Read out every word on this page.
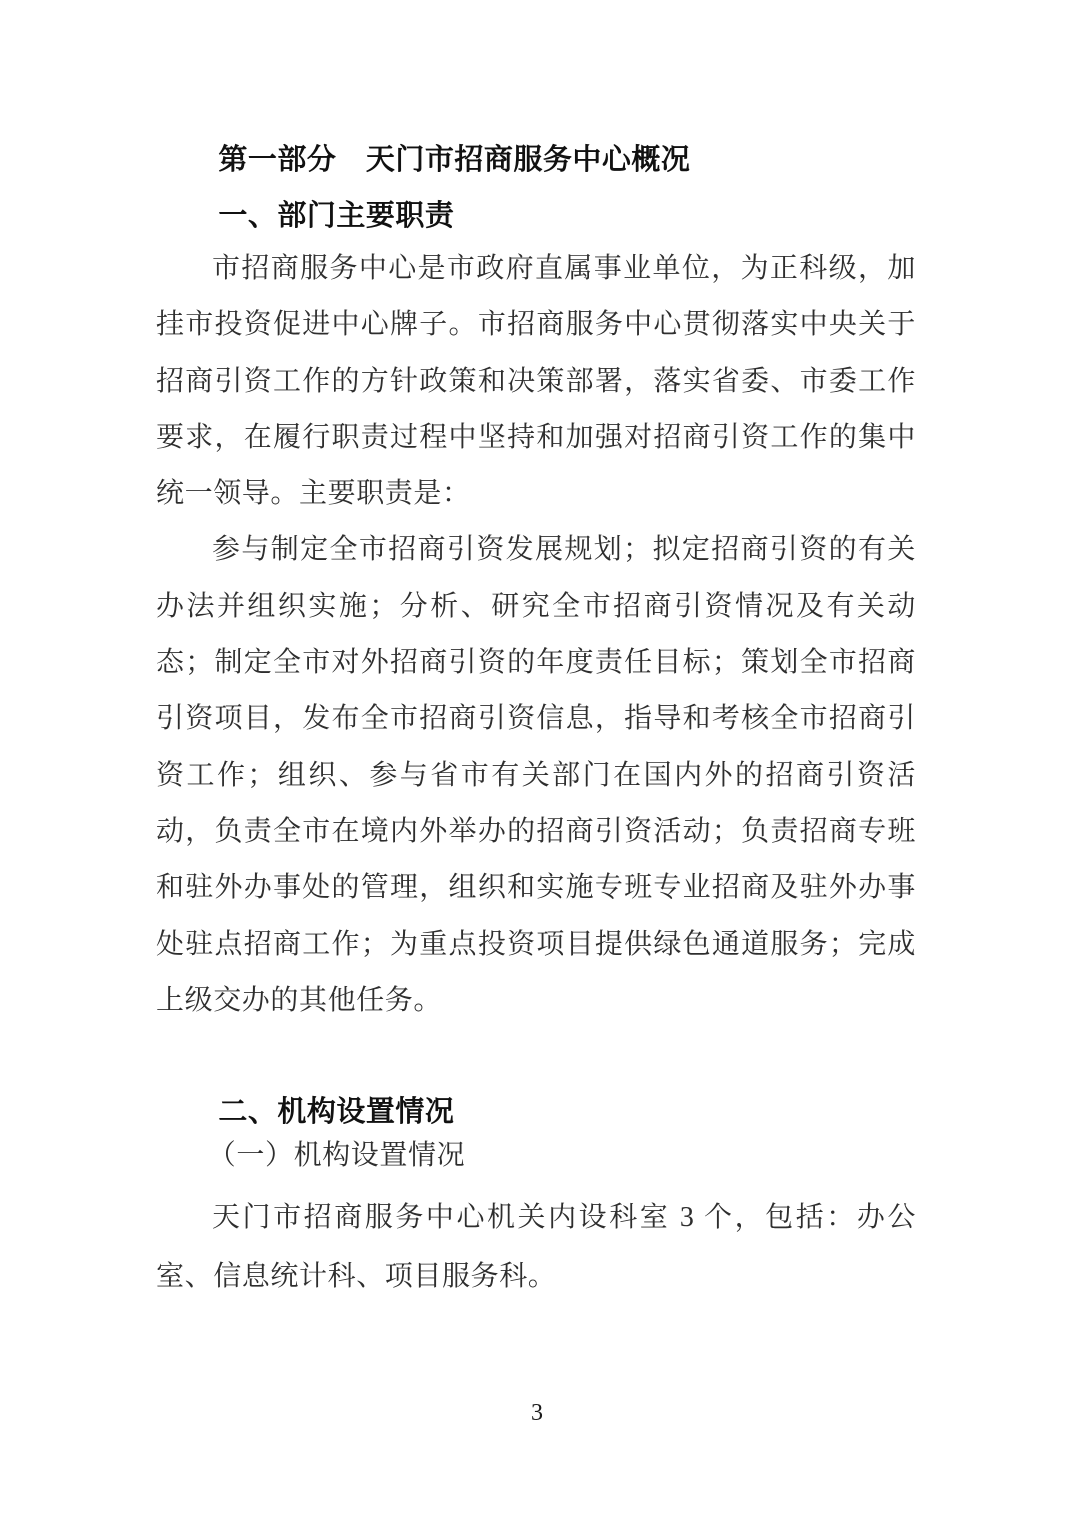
第一部分　天门市招商服务中心概况
一、部门主要职责

市招商服务中心是市政府直属事业单位，为正科级，加挂市投资促进中心牌子。市招商服务中心贯彻落实中央关于招商引资工作的方针政策和决策部署，落实省委、市委工作要求，在履行职责过程中坚持和加强对招商引资工作的集中统一领导。主要职责是：

参与制定全市招商引资发展规划；拟定招商引资的有关办法并组织实施；分析、研究全市招商引资情况及有关动态；制定全市对外招商引资的年度责任目标；策划全市招商引资项目，发布全市招商引资信息，指导和考核全市招商引资工作；组织、参与省市有关部门在国内外的招商引资活动，负责全市在境内外举办的招商引资活动；负责招商专班和驻外办事处的管理，组织和实施专班专业招商及驻外办事处驻点招商工作；为重点投资项目提供绿色通道服务；完成上级交办的其他任务。

二、机构设置情况

（一）机构设置情况

天门市招商服务中心机关内设科室 3 个，包括：办公室、信息统计科、项目服务科。

3
